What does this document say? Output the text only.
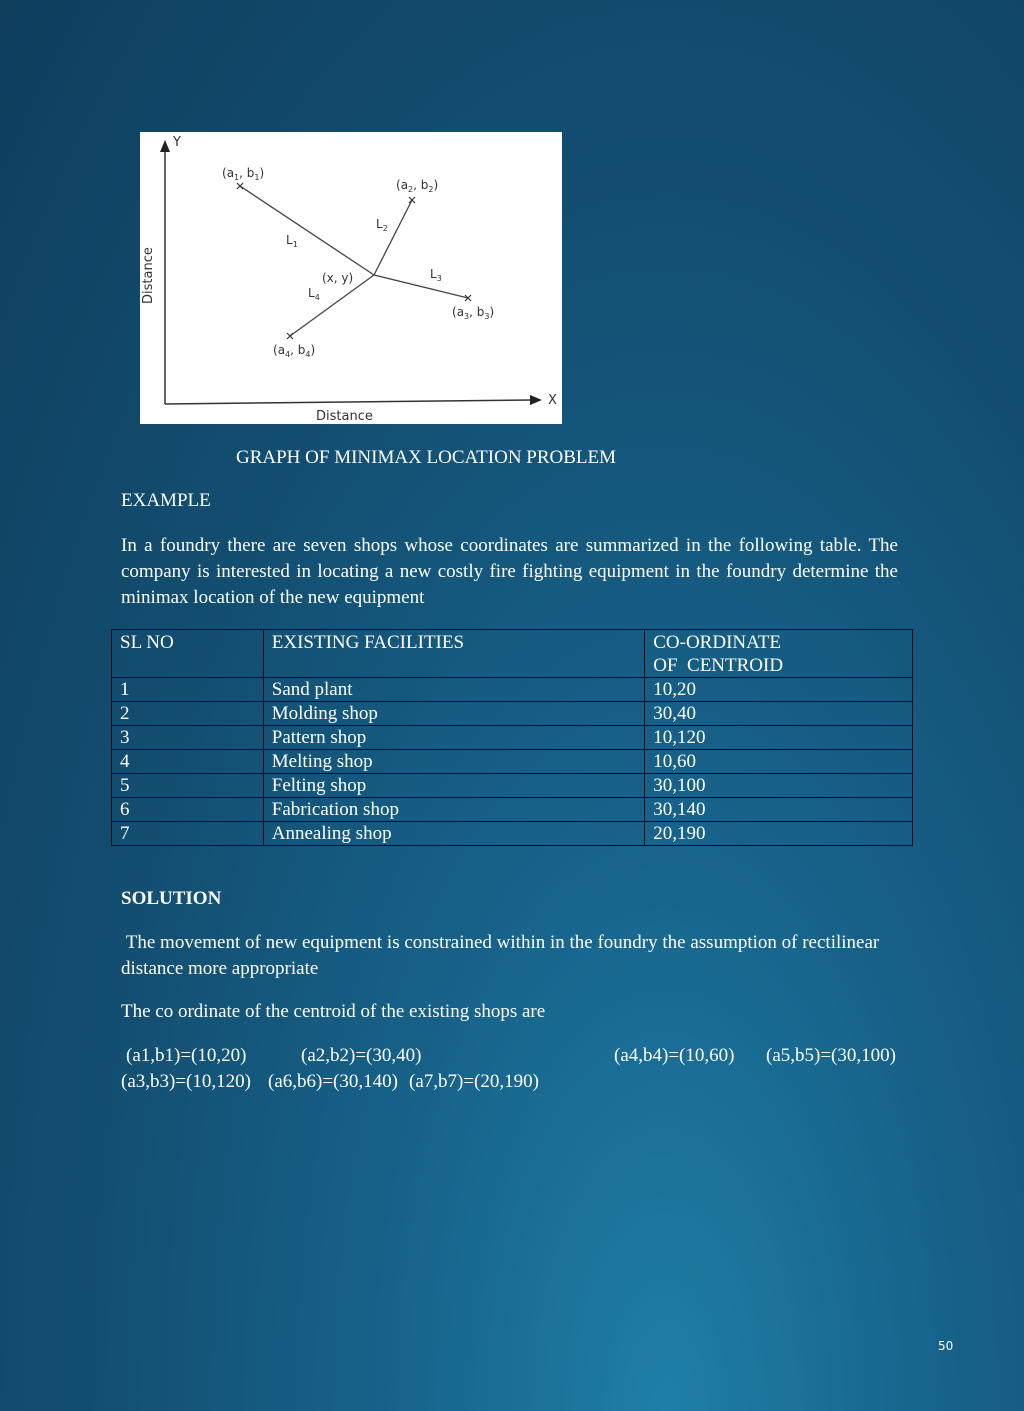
Y
X
Distance
Distance
($a_1$, $b_1$)
($a_2$, $b_2$)
($a_3$, $b_3$)
($a_4$, $b_4$)
(x, y)
$L_1$
$L_2$
$L_3$
$L_4$
GRAPH OF MINIMAX LOCATION PROBLEM
EXAMPLE
In a foundry there are seven shops whose coordinates are summarized in the following table. The company is interested in locating a new costly fire fighting equipment in the foundry determine the minimax location of the new equipment
SL NO	EXISTING FACILITIES	CO-ORDINATE
OF  CENTROID
1	Sand plant	10,20
2	Molding shop	30,40
3	Pattern shop	10,120
4	Melting shop	10,60
5	Felting shop	30,100
6	Fabrication shop	30,140
7	Annealing shop	20,190
SOLUTION
The movement of new equipment is constrained within in the foundry the assumption of rectilinear distance more appropriate
The co ordinate of the centroid of the existing shops are
(a1,b1)=(10,20)	(a2,b2)=(30,40)	(a4,b4)=(10,60) (a5,b5)=(30,100)
(a3,b3)=(10,120) (a6,b6)=(30,140) (a7,b7)=(20,190)
50
